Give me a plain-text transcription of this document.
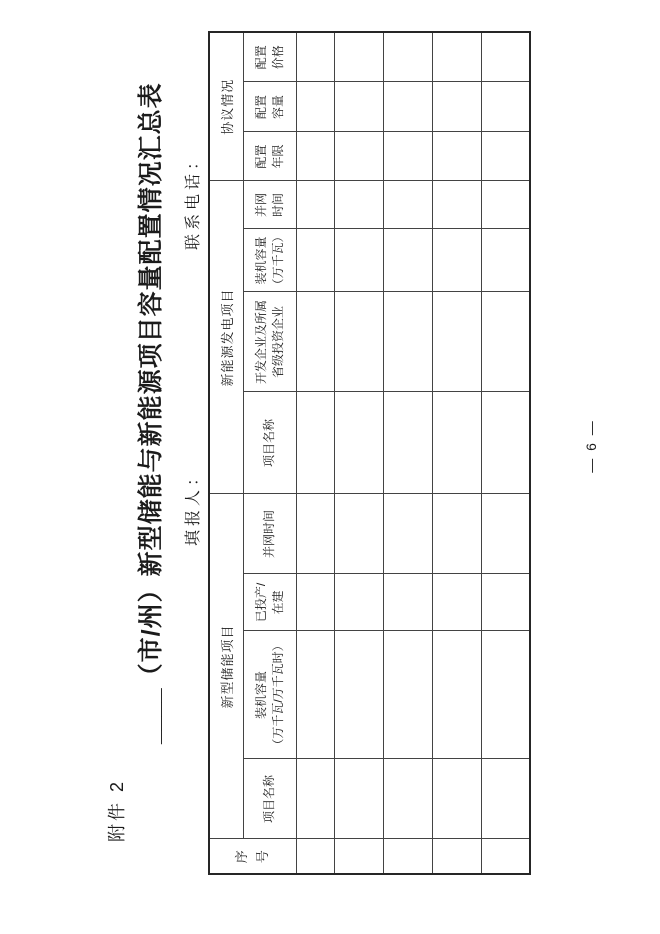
附件 2
____（市/州）新型储能与新能源项目容量配置情况汇总表	填报人：
联系电话：
序 号	新型储能项目				新能源发电项目				协议情况		

	项目名称	装机容量 （万千瓦/万千瓦时）	已投产/ 在建	并网时间	项目名称	开发企业及所属 省级投资企业	装机容量 （万千瓦）	并网 时间	配置 年限	配置 容量	配置 价格

— 6 —
